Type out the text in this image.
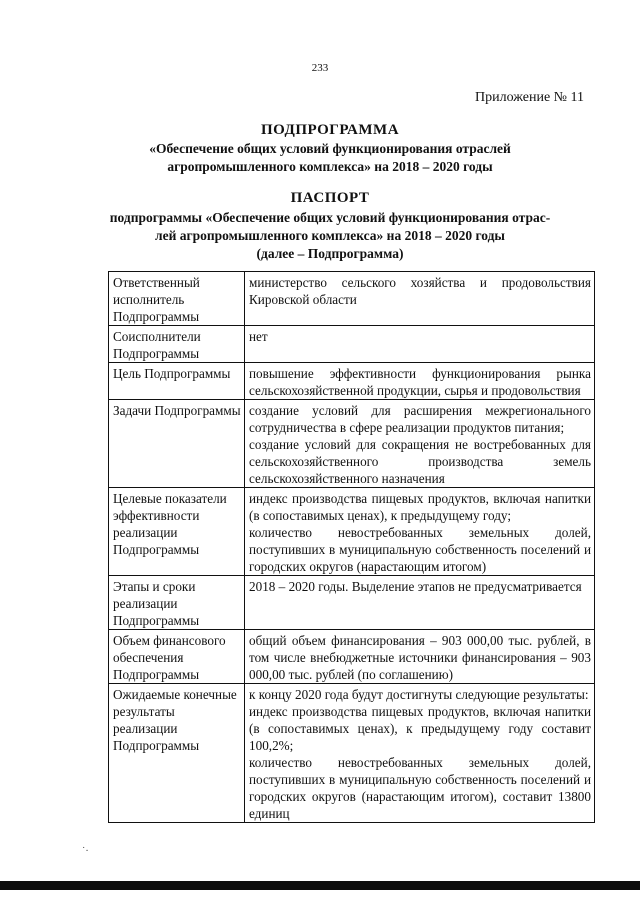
233
Приложение № 11
ПОДПРОГРАММА
«Обеспечение общих условий функционирования отраслей
агропромышленного комплекса» на 2018 – 2020 годы
ПАСПОРТ
подпрограммы «Обеспечение общих условий функционирования отрас-
лей агропромышленного комплекса» на 2018 – 2020 годы
(далее – Подпрограмма)
Ответственный исполнитель Подпрограммы	министерство сельского хозяйства и продовольствия Кировской области

Соисполнители Подпрограммы	нет

Цель Подпрограммы	повышение эффективности функционирования рынка сельскохозяйственной продукции, сырья и продовольствия

Задачи Подпрограммы	создание условий для расширения межрегионального сотрудничества в сфере реализации продуктов питания;
создание условий для сокращения не востребованных для сельскохозяйственного производства земель сельскохозяйственного назначения

Целевые показатели эффективности реализации Подпрограммы	индекс производства пищевых продуктов, включая напитки (в сопоставимых ценах), к предыдущему году;
количество невостребованных земельных долей, поступивших в муниципальную собственность поселений и городских округов (нарастающим итогом)

Этапы и сроки реализации Подпрограммы	2018 – 2020 годы. Выделение этапов не предусматривается

Объем финансового обеспечения Подпрограммы	общий объем финансирования – 903 000,00 тыс. рублей, в том числе внебюджетные источники финансирования – 903 000,00 тыс. рублей (по соглашению)

Ожидаемые конечные результаты реализации Подпрограммы	к концу 2020 года будут достигнуты следующие результаты:
индекс производства пищевых продуктов, включая напитки (в сопоставимых ценах), к предыдущему году составит 100,2%;
количество невостребованных земельных долей, поступивших в муниципальную собственность поселений и городских округов (нарастающим итогом), составит 13800 единиц
˙·
